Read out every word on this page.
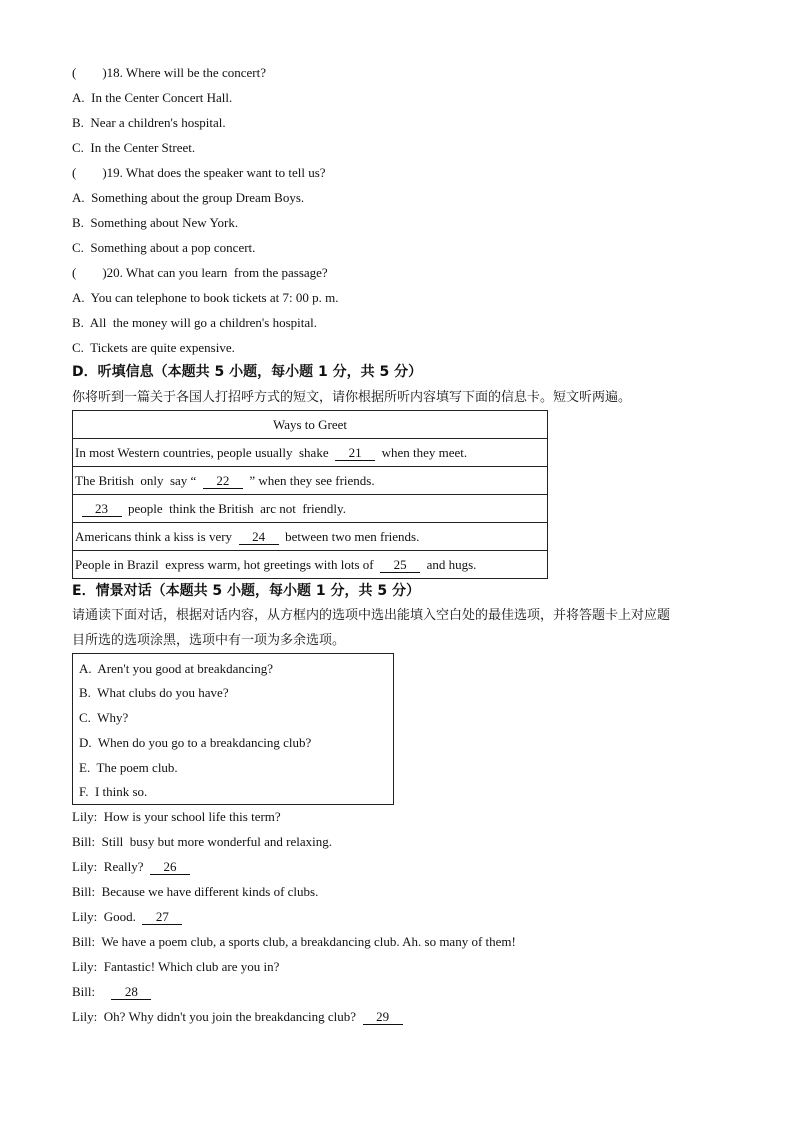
(        )18. Where will be the concert?
A.  In the Center Concert Hall.
B.  Near a children's hospital.
C.  In the Center Street.
(        )19. What does the speaker want to tell us?
A.  Something about the group Dream Boys.
B.  Something about New York.
C.  Something about a pop concert.
(        )20. What can you learn  from the passage?
A.  You can telephone to book tickets at 7: 00 p. m.
B.  All  the money will go a children's hospital.
C.  Tickets are quite expensive.
D．听填信息（本题共 5 小题，每小题 1 分，共 5 分）
你将听到一篇关于各国人打招呼方式的短文，请你根据所听内容填写下面的信息卡。短文听两遍。
Ways to Greet
In most Western countries, people usually  shake  21  when they meet.
The British  only  say “  22  ” when they see friends.
23  people  think the British  arc not  friendly.
Americans think a kiss is very  24  between two men friends.
People in Brazil  express warm, hot greetings with lots of  25  and hugs.
E．情景对话（本题共 5 小题，每小题 1 分，共 5 分）
请通读下面对话，根据对话内容，从方框内的选项中选出能填入空白处的最佳选项，并将答题卡上对应题
目所选的选项涂黑，选项中有一项为多余选项。
A.  Aren't you good at breakdancing?
B.  What clubs do you have?
C.  Why?
D.  When do you go to a breakdancing club?
E.  The poem club.
F.  I think so.
Lily:  How is your school life this term?
Bill:  Still  busy but more wonderful and relaxing.
Lily:  Really?  26
Bill:  Because we have different kinds of clubs.
Lily:  Good.  27
Bill:  We have a poem club, a sports club, a breakdancing club. Ah. so many of them!
Lily:  Fantastic! Which club are you in?
Bill:     28
Lily:  Oh? Why didn't you join the breakdancing club?  29
